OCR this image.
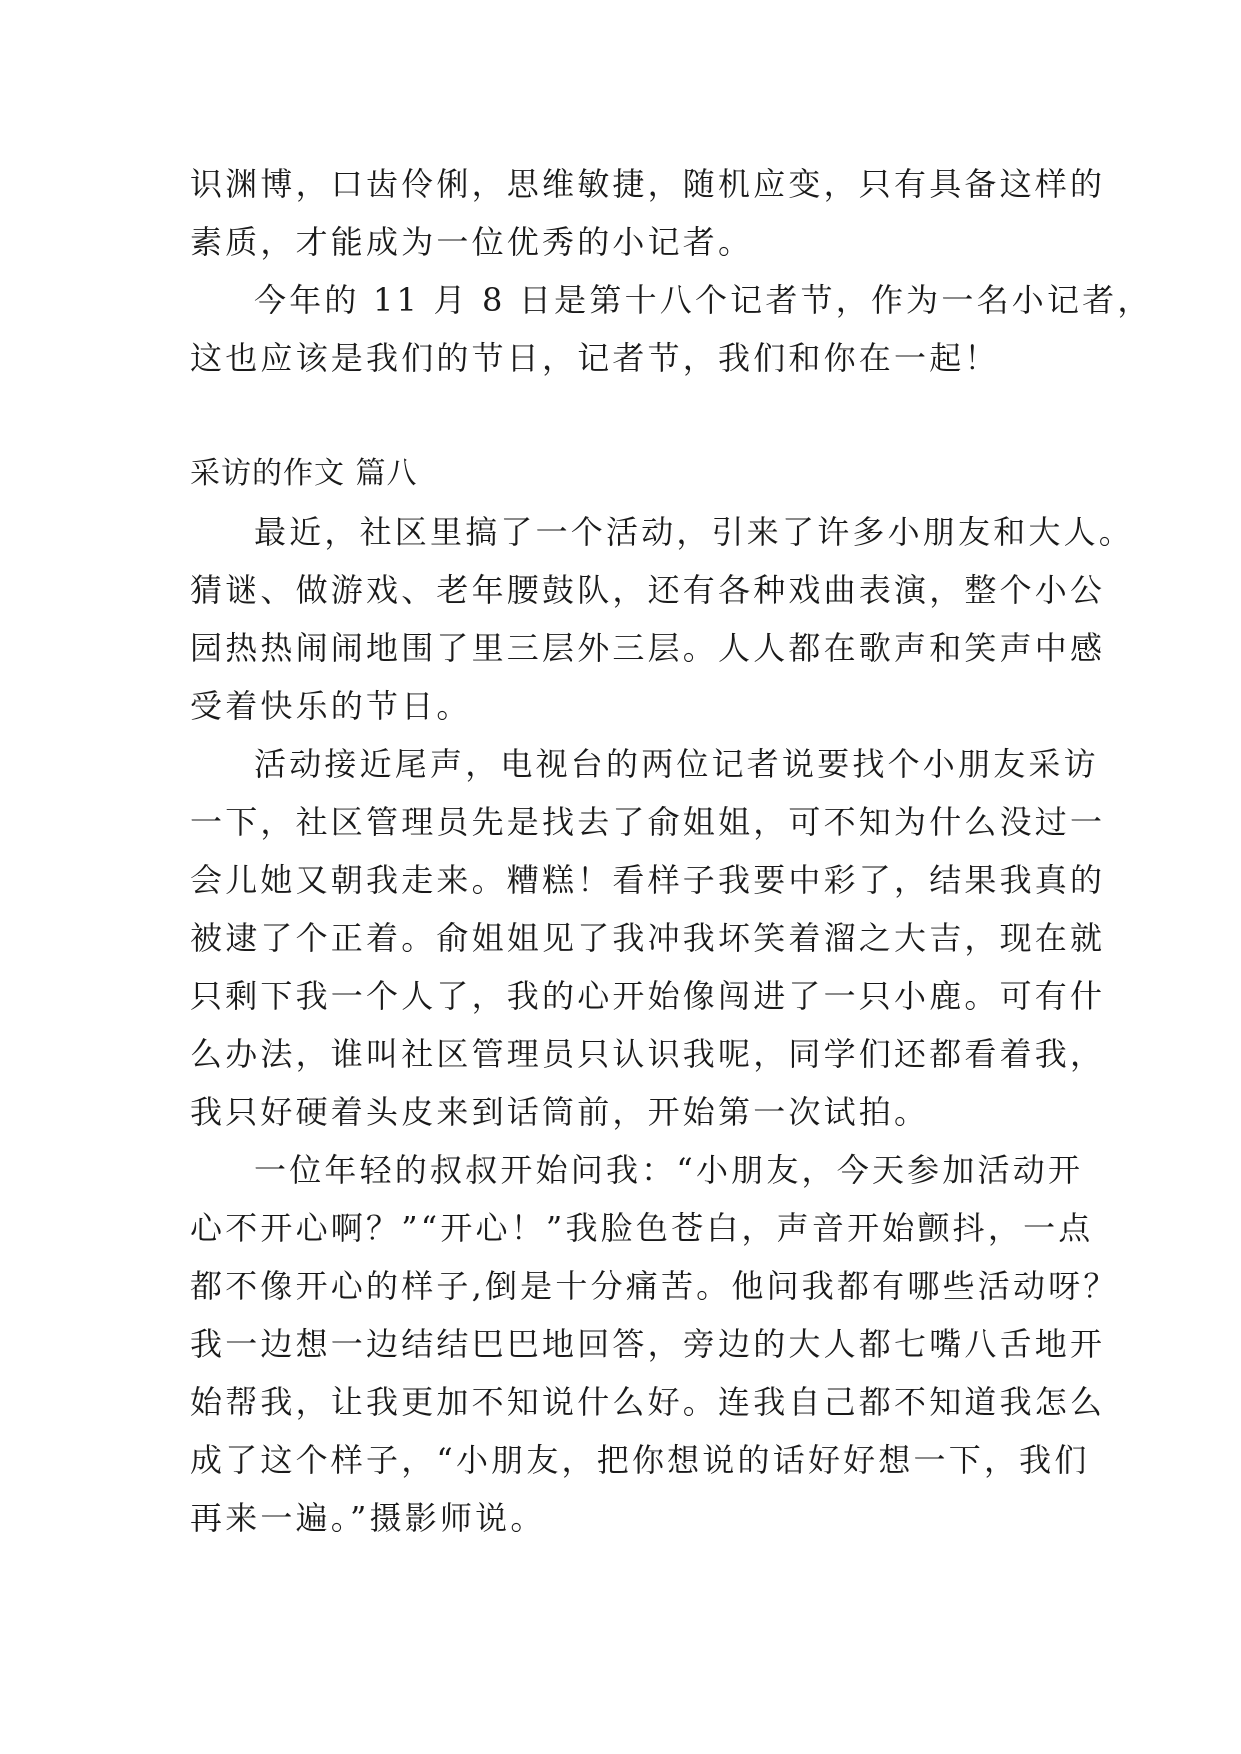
识渊博，口齿伶俐，思维敏捷，随机应变，只有具备这样的
素质，才能成为一位优秀的小记者。
今年的 11 月 8 日是第十八个记者节，作为一名小记者，
这也应该是我们的节日，记者节，我们和你在一起！
采访的作文 篇八
最近，社区里搞了一个活动，引来了许多小朋友和大人。
猜谜、做游戏、老年腰鼓队，还有各种戏曲表演，整个小公
园热热闹闹地围了里三层外三层。人人都在歌声和笑声中感
受着快乐的节日。
活动接近尾声，电视台的两位记者说要找个小朋友采访
一下，社区管理员先是找去了俞姐姐，可不知为什么没过一
会儿她又朝我走来。糟糕！看样子我要中彩了，结果我真的
被逮了个正着。俞姐姐见了我冲我坏笑着溜之大吉，现在就
只剩下我一个人了，我的心开始像闯进了一只小鹿。可有什
么办法，谁叫社区管理员只认识我呢，同学们还都看着我，
我只好硬着头皮来到话筒前，开始第一次试拍。
一位年轻的叔叔开始问我：“小朋友，今天参加活动开
心不开心啊？”“开心！”我脸色苍白，声音开始颤抖，一点
都不像开心的样子,倒是十分痛苦。他问我都有哪些活动呀？
我一边想一边结结巴巴地回答，旁边的大人都七嘴八舌地开
始帮我，让我更加不知说什么好。连我自己都不知道我怎么
成了这个样子，“小朋友，把你想说的话好好想一下，我们
再来一遍。”摄影师说。
